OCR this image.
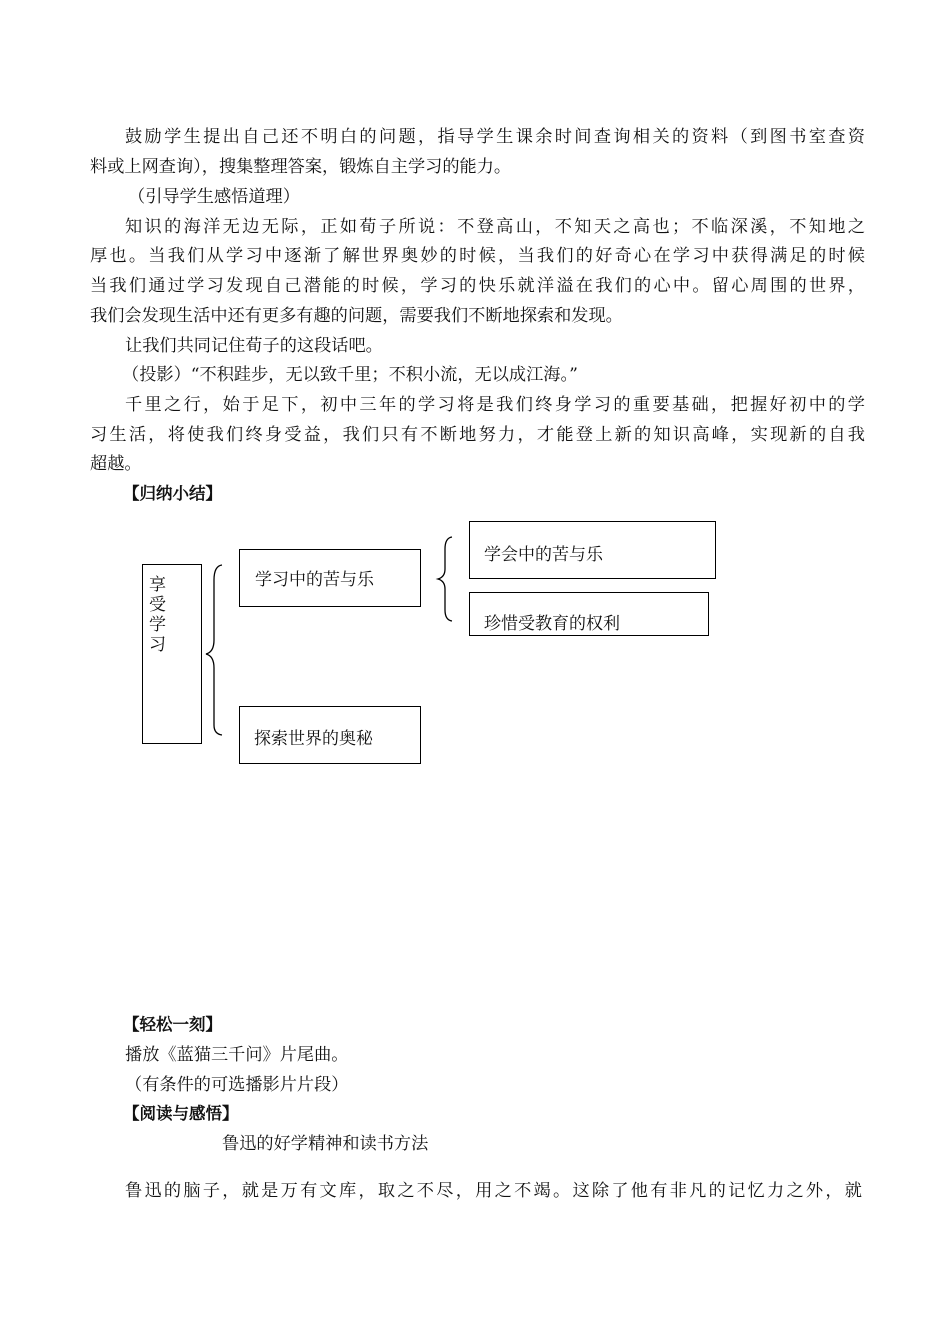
鼓励学生提出自己还不明白的问题，指导学生课余时间查询相关的资料（到图书室查资
料或上网查询），搜集整理答案，锻炼自主学习的能力。
（引导学生感悟道理）
知识的海洋无边无际，正如荀子所说：不登高山，不知天之高也；不临深溪，不知地之
厚也。当我们从学习中逐渐了解世界奥妙的时候，当我们的好奇心在学习中获得满足的时候
当我们通过学习发现自己潜能的时候，学习的快乐就洋溢在我们的心中。留心周围的世界，
我们会发现生活中还有更多有趣的问题，需要我们不断地探索和发现。
让我们共同记住荀子的这段话吧。
（投影）“不积跬步，无以致千里；不积小流，无以成江海。”
千里之行，始于足下，初中三年的学习将是我们终身学习的重要基础，把握好初中的学
习生活，将使我们终身受益，我们只有不断地努力，才能登上新的知识高峰，实现新的自我
超越。
【归纳小结】
享受学习
学习中的苦与乐
学会中的苦与乐
珍惜受教育的权利
探索世界的奥秘
【轻松一刻】
播放《蓝猫三千问》片尾曲。
（有条件的可选播影片片段）
【阅读与感悟】
鲁迅的好学精神和读书方法
鲁迅的脑子，就是万有文库，取之不尽，用之不竭。这除了他有非凡的记忆力之外，就
